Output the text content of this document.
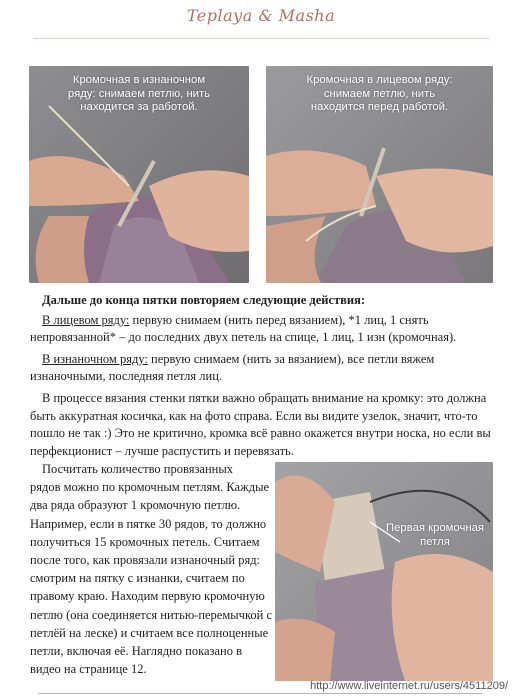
Teplaya & Masha
Кромочная в изнаночном
ряду: снимаем петлю, нить
находится за работой.
Кромочная в лицевом ряду:
снимаем петлю, нить
находится перед работой.

Дальше до конца пятки повторяем следующие действия:

В лицевом ряду: первую снимаем (нить перед вязанием), *1 лиц, 1 снять

непровязанной* – до последних двух петель на спице, 1 лиц, 1 изн (кромочная).

В изнаночном ряду: первую снимаем (нить за вязанием), все петли вяжем

изнаночными, последняя петля лиц.

В процессе вязания стенки пятки важно обращать внимание на кромку: это должна

быть аккуратная косичка, как на фото справа. Если вы видите узелок, значит, что-то

пошло не так :) Это не критично, кромка всё равно окажется внутри носка, но если вы

перфекционист – лучше распустить и перевязать.

Посчитать количество провязанных

рядов можно по кромочным петлям. Каждые

два ряда образуют 1 кромочную петлю.

Например, если в пятке 30 рядов, то должно

получиться 15 кромочных петель. Считаем

после того, как провязали изнаночный ряд:

смотрим на пятку с изнанки, считаем по

правому краю. Находим первую кромочную

петлю (она соединяется нитью-перемычкой с

петлёй на леске) и считаем все полноценные

петли, включая её. Наглядно показано в

видео на странице 12.

Первая кромочная
петля
http://www.liveinternet.ru/users/4511209/
